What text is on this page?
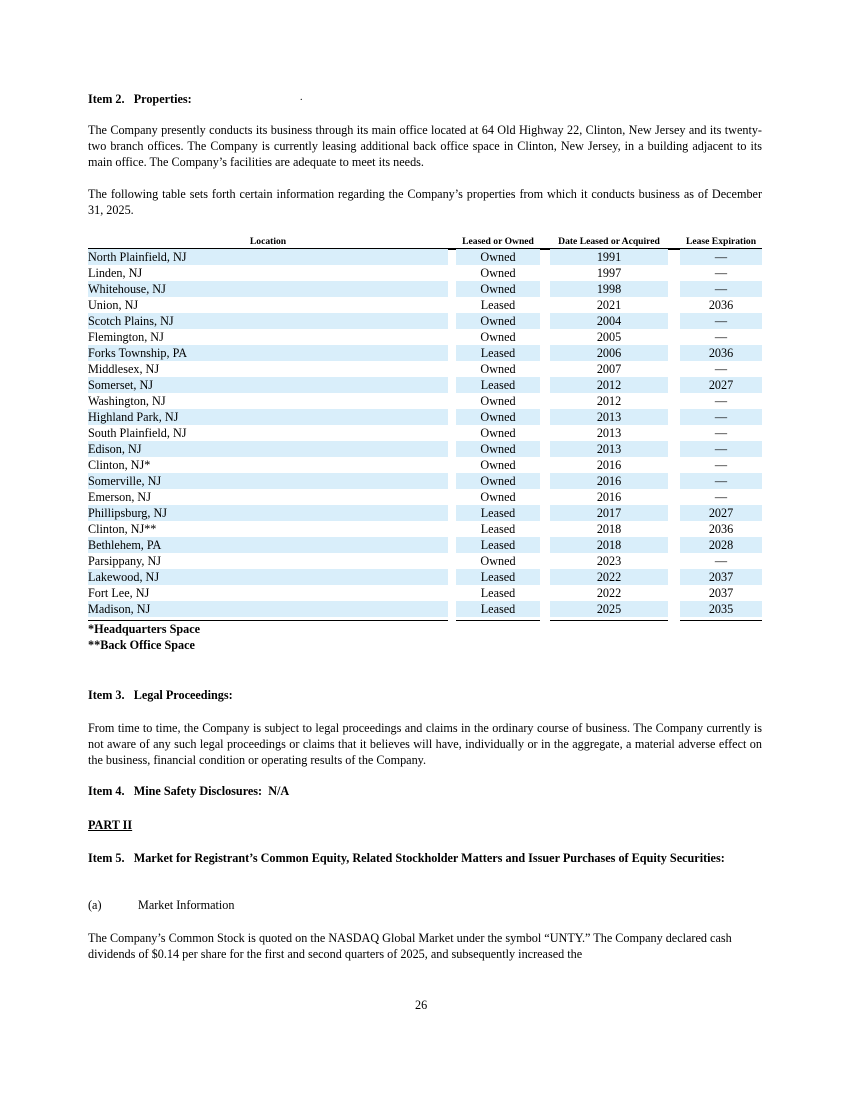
Item 2.   Properties:	.
The Company presently conducts its business through its main office located at 64 Old Highway 22, Clinton, New Jersey and its twenty-two branch offices. The Company is currently leasing additional back office space in Clinton, New Jersey, in a building adjacent to its main office. The Company’s facilities are adequate to meet its needs.
The following table sets forth certain information regarding the Company’s properties from which it conducts business as of December 31, 2025.
Location	Leased or Owned	Date Leased or Acquired	Lease Expiration
North Plainfield, NJ	Owned	1991	—
Linden, NJ	Owned	1997	—
Whitehouse, NJ	Owned	1998	—
Union, NJ	Leased	2021	2036
Scotch Plains, NJ	Owned	2004	—
Flemington, NJ	Owned	2005	—
Forks Township, PA	Leased	2006	2036
Middlesex, NJ	Owned	2007	—
Somerset, NJ	Leased	2012	2027
Washington, NJ	Owned	2012	—
Highland Park, NJ	Owned	2013	—
South Plainfield, NJ	Owned	2013	—
Edison, NJ	Owned	2013	—
Clinton, NJ*	Owned	2016	—
Somerville, NJ	Owned	2016	—
Emerson, NJ	Owned	2016	—
Phillipsburg, NJ	Leased	2017	2027
Clinton, NJ**	Leased	2018	2036
Bethlehem, PA	Leased	2018	2028
Parsippany, NJ	Owned	2023	—
Lakewood, NJ	Leased	2022	2037
Fort Lee, NJ	Leased	2022	2037
Madison, NJ	Leased	2025	2035
*Headquarters Space
**Back Office Space
Item 3.   Legal Proceedings:
From time to time, the Company is subject to legal proceedings and claims in the ordinary course of business. The Company currently is not aware of any such legal proceedings or claims that it believes will have, individually or in the aggregate, a material adverse effect on the business, financial condition or operating results of the Company.
Item 4.   Mine Safety Disclosures:  N/A
PART II
Item 5.   Market for Registrant’s Common Equity, Related Stockholder Matters and Issuer Purchases of Equity Securities:
(a)	Market Information
The Company’s Common Stock is quoted on the NASDAQ Global Market under the symbol “UNTY.” The Company declared cash dividends of $0.14 per share for the first and second quarters of 2025, and subsequently increased the
26
